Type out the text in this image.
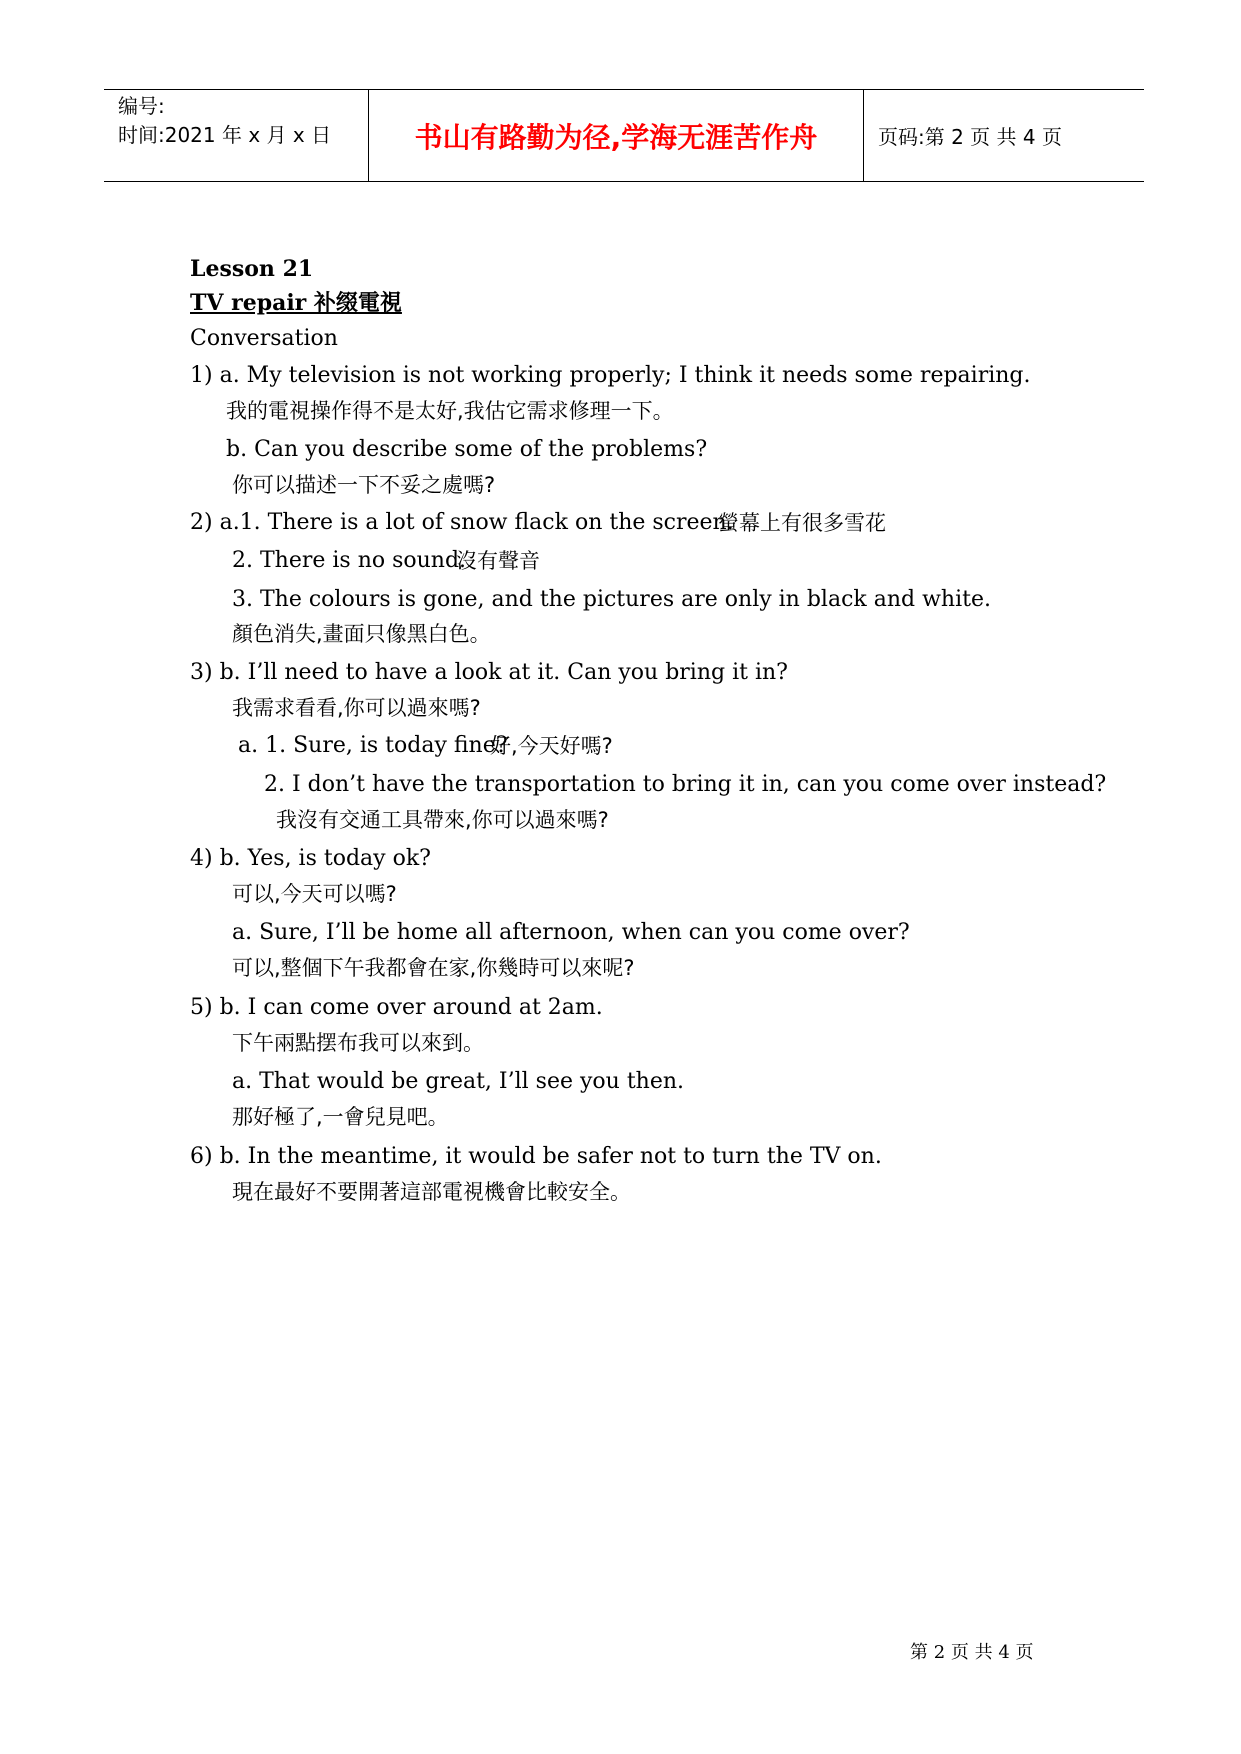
编号:
时间:2021 年 x 月 x 日	书山有路勤为径,学海无涯苦作舟	页码:第 2 页 共 4 页
Lesson 21
TV repair 补缀電視
Conversation
1) a. My television is not working properly; I think it needs some repairing.
我的電視操作得不是太好,我估它需求修理一下。
b. Can you describe some of the problems?
你可以描述一下不妥之處嗎?
2) a.1. There is a lot of snow flack on the screen.
螢幕上有很多雪花
2. There is no sound.
沒有聲音
3. The colours is gone, and the pictures are only in black and white.
顏色消失,畫面只像黑白色。
3) b. I’ll need to have a look at it. Can you bring it in?
我需求看看,你可以過來嗎?
a. 1. Sure, is today fine?
好,今天好嗎?
2. I don’t have the transportation to bring it in, can you come over instead?
我沒有交通工具帶來,你可以過來嗎?
4) b. Yes, is today ok?
可以,今天可以嗎?
a. Sure, I’ll be home all afternoon, when can you come over?
可以,整個下午我都會在家,你幾時可以來呢?
5) b. I can come over around at 2am.
下午兩點摆布我可以來到。
a. That would be great, I’ll see you then.
那好極了,一會兒見吧。
6) b. In the meantime, it would be safer not to turn the TV on.
現在最好不要開著這部電視機會比較安全。
第 2 页 共 4 页
